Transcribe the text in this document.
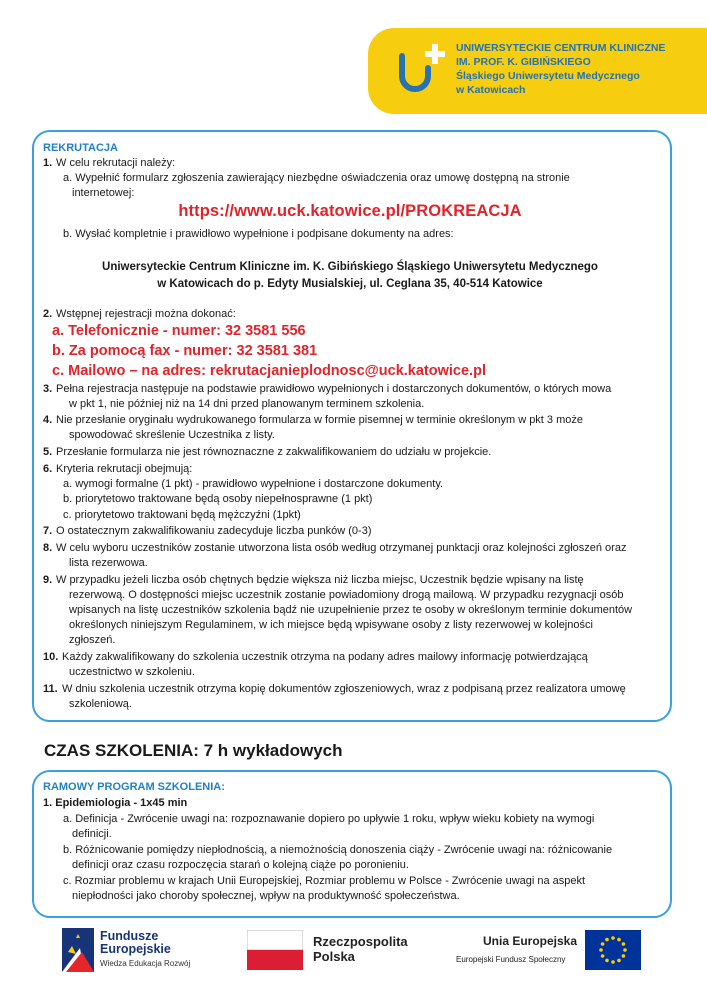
UNIWERSYTECKIE CENTRUM KLINICZNE
IM. PROF. K. GIBIŃSKIEGO
Śląskiego Uniwersytetu Medycznego
w Katowicach
REKRUTACJA
1. W celu rekrutacji należy:
a. Wypełnić formularz zgłoszenia zawierający niezbędne oświadczenia oraz umowę dostępną na stronie
internetowej:
https://www.uck.katowice.pl/PROKREACJA
b. Wysłać kompletnie i prawidłowo wypełnione i podpisane dokumenty na adres:
Uniwersyteckie Centrum Kliniczne im. K. Gibińskiego Śląskiego Uniwersytetu Medycznego
w Katowicach do p. Edyty Musialskiej, ul. Ceglana 35, 40-514 Katowice
2. Wstępnej rejestracji można dokonać:
a. Telefonicznie - numer: 32 3581 556
b. Za pomocą fax - numer: 32 3581 381
c. Mailowo – na adres: rekrutacjanieplodnosc@uck.katowice.pl
3. Pełna rejestracja następuje na podstawie prawidłowo wypełnionych i dostarczonych dokumentów, o których mowa
w pkt 1, nie później niż na 14 dni przed planowanym terminem szkolenia.
4. Nie przesłanie oryginału wydrukowanego formularza w formie pisemnej w terminie określonym w pkt 3 może
spowodować skreślenie Uczestnika z listy.
5. Przesłanie formularza nie jest równoznaczne z zakwalifikowaniem do udziału w projekcie.
6. Kryteria rekrutacji obejmują:
a. wymogi formalne (1 pkt) - prawidłowo wypełnione i dostarczone dokumenty.
b. priorytetowo traktowane będą osoby niepełnosprawne (1 pkt)
c. priorytetowo traktowani będą mężczyźni (1pkt)
7. O ostatecznym zakwalifikowaniu zadecyduje liczba punków (0-3)
8. W celu wyboru uczestników zostanie utworzona lista osób według otrzymanej punktacji oraz kolejności zgłoszeń oraz
lista rezerwowa.
9. W przypadku jeżeli liczba osób chętnych będzie większa niż liczba miejsc, Uczestnik będzie wpisany na listę
rezerwową. O dostępności miejsc uczestnik zostanie powiadomiony drogą mailową. W przypadku rezygnacji osób
wpisanych na listę uczestników szkolenia bądź nie uzupełnienie przez te osoby w określonym terminie dokumentów
określonych niniejszym Regulaminem, w ich miejsce będą wpisywane osoby z listy rezerwowej w kolejności
zgłoszeń.
10. Każdy zakwalifikowany do szkolenia uczestnik otrzyma na podany adres mailowy informację potwierdzającą
uczestnictwo w szkoleniu.
11. W dniu szkolenia uczestnik otrzyma kopię dokumentów zgłoszeniowych, wraz z podpisaną przez realizatora umowę
szkoleniową.
CZAS SZKOLENIA: 7 h wykładowych
RAMOWY PROGRAM SZKOLENIA:
1. Epidemiologia - 1x45 min
a. Definicja - Zwrócenie uwagi na: rozpoznawanie dopiero po upływie 1 roku, wpływ wieku kobiety na wymogi
definicji.
b. Różnicowanie pomiędzy niepłodnością, a niemożnością donoszenia ciąży - Zwrócenie uwagi na: różnicowanie
definicji oraz czasu rozpoczęcia starań o kolejną ciąże po poronieniu.
c. Rozmiar problemu w krajach Unii Europejskiej, Rozmiar problemu w Polsce - Zwrócenie uwagi na aspekt
niepłodności jako choroby społecznej, wpływ na produktywność społeczeństwa.
Fundusze
Europejskie
Wiedza Edukacja Rozwój
Rzeczpospolita
Polska
Unia Europejska
Europejski Fundusz Społeczny
